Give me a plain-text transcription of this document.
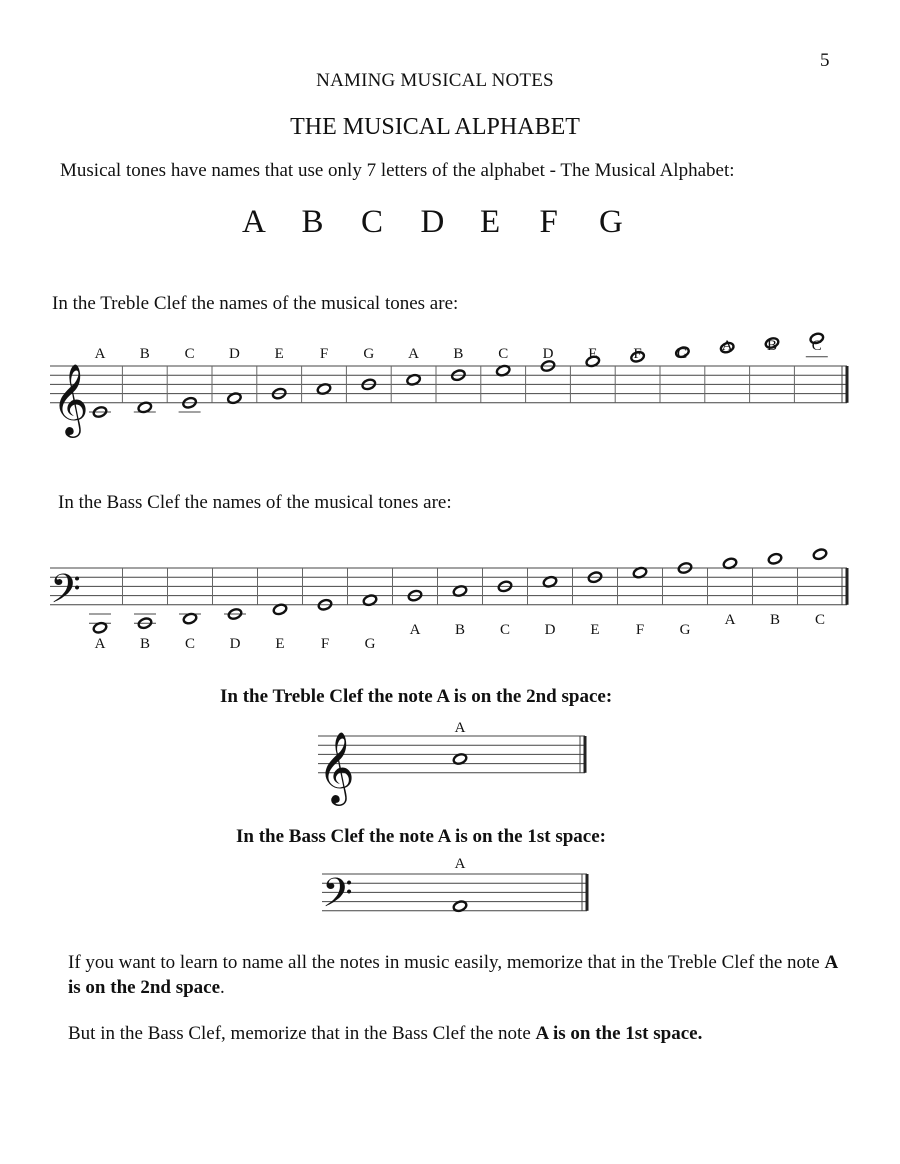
5
NAMING MUSICAL NOTES
THE MUSICAL ALPHABET
Musical tones have names that use only 7 letters of the alphabet - The Musical Alphabet:
A	B	C	D	E	F	G
In the Treble Clef the names of the musical tones are:
𝄞
A B C D E F G A B C D E F G A B C
In the Bass Clef the names of the musical tones are:
𝄢
A B C D E F G
A B C D E F G
A B C
In the Treble Clef the note A is on the 2nd space:
𝄞
A
In the Bass Clef the note A is on the 1st space:
𝄢
A
If you want to learn to name all the notes in music easily, memorize that in the Treble Clef the note A is on the 2nd space.
But in the Bass Clef, memorize that in the Bass Clef the note A is on the 1st space.
